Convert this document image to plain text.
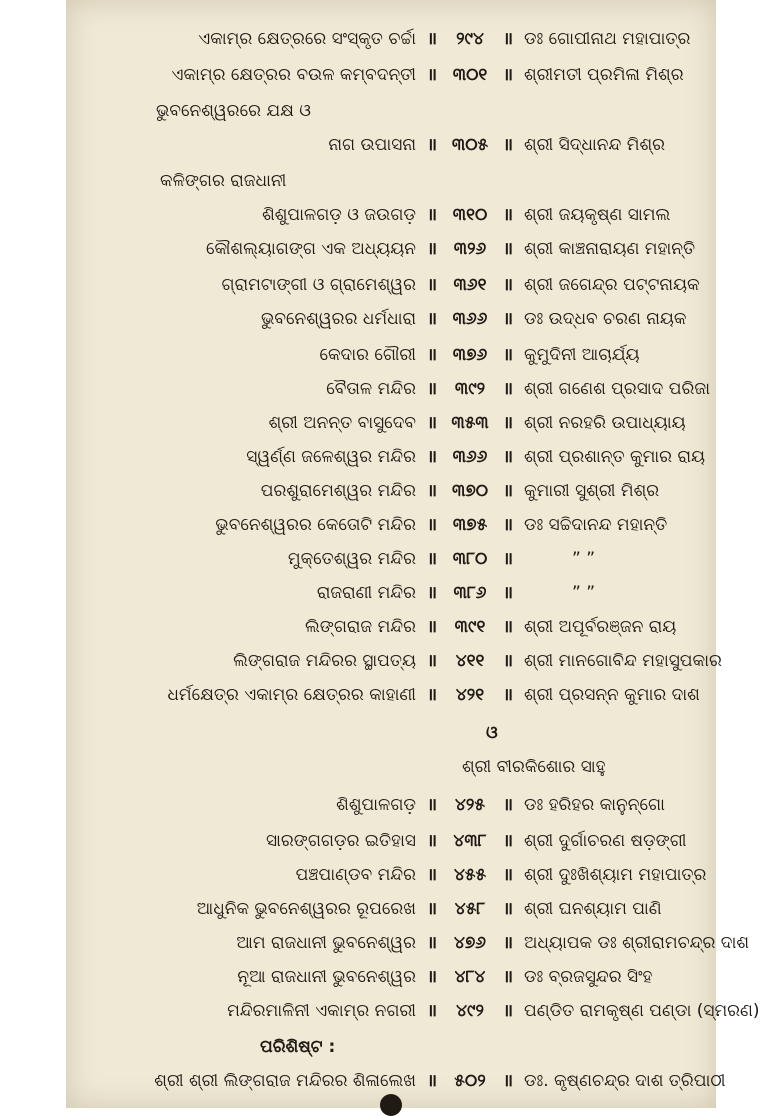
ଏକାମ୍ର କ୍ଷେତ୍ରରେ ସଂସ୍କୃତ ଚର୍ଚ୍ଚା ॥	୨୯୪	॥ ଡଃ ଗୋପୀନାଥ ମହାପାତ୍ର
ଏକାମ୍ର କ୍ଷେତ୍ରର ବଉଳ କମ୍ବଦନ୍ତୀ ॥ ୩୦୧ ॥ ଶ୍ରୀମତୀ ପ୍ରମିଳା ମିଶ୍ର
ଭୁବନେଶ୍ୱରରେ ଯକ୍ଷ ଓ
ନାଗ ଉପାସନା ॥ ୩୦୫ ॥ ଶ୍ରୀ ସିଦ୍ଧାନନ୍ଦ ମିଶ୍ର
କଳିଙ୍ଗର ରାଜଧାନୀ
ଶିଶୁପାଳଗଡ଼ ଓ ଜଉଗଡ଼ ॥ ୩୧୦ ॥ ଶ୍ରୀ ଜୟକୃଷ୍ଣ ସାମଲ
କୌଶଲ୍ୟାଗଙ୍ଗ ଏକ ଅଧ୍ୟୟନ ॥ ୩୨୬ ॥ ଶ୍ରୀ କାଞ୍ଚନାରାୟଣ ମହାନ୍ତି
ଗ୍ରାମଟାଙ୍ଗୀ ଓ ଗ୍ରାମେଶ୍ୱର ॥ ୩୬୧ ॥ ଶ୍ରୀ ଜଗେନ୍ଦ୍ର ପଟ୍ଟନାୟକ
ଭୁବନେଶ୍ୱରର ଧର୍ମଧାରା ॥ ୩୬୬ ॥ ଡଃ ଉଦ୍ଧବ ଚରଣ ନାୟକ
କେଦାର ଗୌରୀ ॥ ୩୭୬ ॥ କୁମୁଦିନୀ ଆଚାର୍ଯ୍ୟ
ବୈତାଳ ମନ୍ଦିର ॥	୩୯୨	॥ ଶ୍ରୀ ଗଣେଶ ପ୍ରସାଦ ପରିଜା
ଶ୍ରୀ ଅନନ୍ତ ବାସୁଦେବ ॥ ୩୫୩ ॥ ଶ୍ରୀ ନରହରି ଉପାଧ୍ୟାୟ
ସ୍ୱର୍ଣ୍ଣ ଜଳେଶ୍ୱର ମନ୍ଦିର ॥ ୩୬୬ ॥ ଶ୍ରୀ ପ୍ରଶାନ୍ତ କୁମାର ରାୟ
ପରଶୁରାମେଶ୍ୱର ମନ୍ଦିର ॥ ୩୭୦ ॥ କୁମାରୀ ସୁଶ୍ରୀ ମିଶ୍ର
ଭୁବନେଶ୍ୱରର କେତୋଟି ମନ୍ଦିର ॥ ୩୭୫ ॥ ଡଃ ସଚ୍ଚିଦାନନ୍ଦ ମହାନ୍ତି
ମୁକ୍ତେଶ୍ୱର ମନ୍ଦିର ॥ ୩୮୦ ॥	” ”
ରାଜରାଣୀ ମନ୍ଦିର ॥ ୩୮୬ ॥	” ”
ଲିଙ୍ଗରାଜ ମନ୍ଦିର ॥	୩୯୧	॥ ଶ୍ରୀ ଅପୂର୍ବରଞ୍ଜନ ରାୟ
ଲିଙ୍ଗରାଜ ମନ୍ଦିରର ସ୍ଥାପତ୍ୟ ॥	୪୧୧	॥ ଶ୍ରୀ ମାନଗୋବିନ୍ଦ ମହାସୁପକାର
ଧର୍ମକ୍ଷେତ୍ର ଏକାମ୍ର କ୍ଷେତ୍ରର କାହାଣୀ ॥	୪୨୧	॥ ଶ୍ରୀ ପ୍ରସନ୍ନ କୁମାର ଦାଶ
ଓ
ଶ୍ରୀ ବୀରକିଶୋର ସାହୁ
ଶିଶୁପାଳଗଡ଼ ॥	୪୨୫	॥ ଡଃ ହରିହର କାନୁନ୍‌ଗୋ
ସାରଙ୍ଗଗଡ଼ର ଇତିହାସ ॥ ୪୩୮ ॥ ଶ୍ରୀ ଦୁର୍ଗାଚରଣ ଷଡ଼ଙ୍ଗୀ
ପଞ୍ଚପାଣ୍ଡବ ମନ୍ଦିର ॥ ୪୫୫ ॥ ଶ୍ରୀ ଦୁଃଖିଶ୍ୟାମ ମହାପାତ୍ର
ଆଧୁନିକ ଭୁବନେଶ୍ୱରର ରୂପରେଖ ॥	୪୫୮	॥ ଶ୍ରୀ ଘନଶ୍ୟାମ ପାଣି
ଆମ ରାଜଧାନୀ ଭୁବନେଶ୍ୱର ॥ ୪୭୬ ॥ ଅଧ୍ୟାପକ ଡଃ ଶ୍ରୀରାମଚନ୍ଦ୍ର ଦାଶ
ନୂଆ ରାଜଧାନୀ ଭୁବନେଶ୍ୱର ॥	୪୮୪	॥ ଡଃ ବ୍ରଜସୁନ୍ଦର ସିଂହ
ମନ୍ଦିରମାଳିନୀ ଏକାମ୍ର ନଗରୀ ॥	୪୯୨	॥ ପଣ୍ଡିତ ରାମକୃଷ୍ଣ ପଣ୍ଡା (ସ୍ମରଣ)
ପରିଶିଷ୍ଟ :
ଶ୍ରୀ ଶ୍ରୀ ଲିଙ୍ଗରାଜ ମନ୍ଦିରର ଶିଳାଲେଖ ॥	୫୦୨	॥ ଡଃ. କୃଷ୍ଣଚନ୍ଦ୍ର ଦାଶ ତ୍ରିପାଠୀ
